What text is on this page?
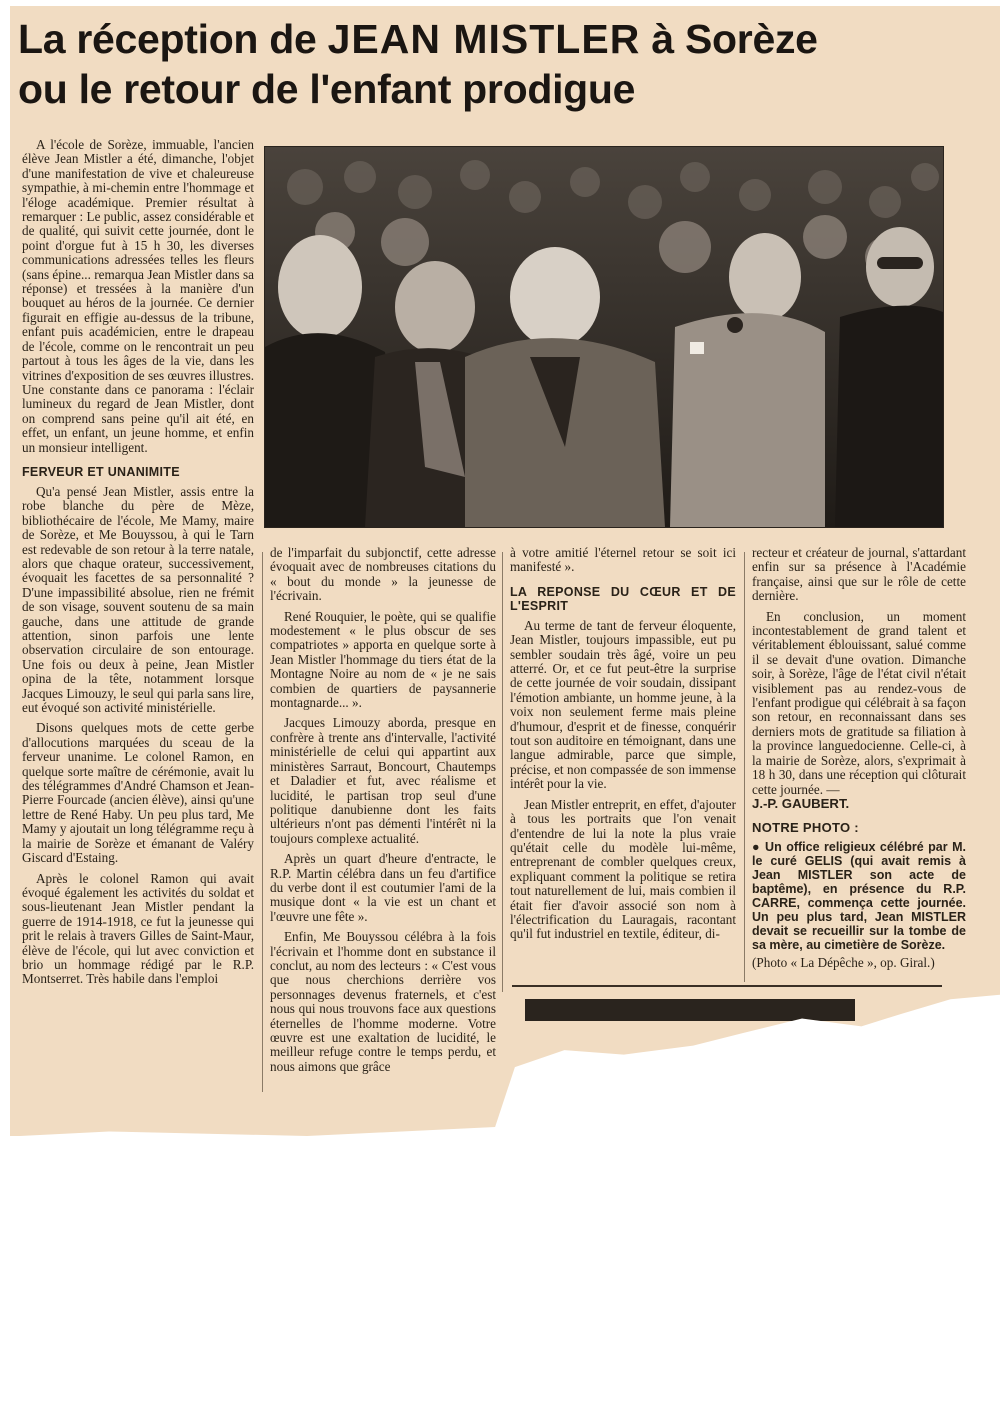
La réception de JEAN MISTLER à Sorèze
ou le retour de l'enfant prodigue

A l'école de Sorèze, immuable, l'ancien élève Jean Mistler a été, dimanche, l'objet d'une manifestation de vive et chaleureuse sympathie, à mi-chemin entre l'hommage et l'éloge académique. Premier résultat à remarquer : Le public, assez considérable et de qualité, qui suivit cette journée, dont le point d'orgue fut à 15 h 30, les diverses communications adressées telles les fleurs (sans épine... remarqua Jean Mistler dans sa réponse) et tressées à la manière d'un bouquet au héros de la journée. Ce dernier figurait en effigie au-dessus de la tribune, enfant puis académicien, entre le drapeau de l'école, comme on le rencontrait un peu partout à tous les âges de la vie, dans les vitrines d'exposition de ses œuvres illustres. Une constante dans ce panorama : l'éclair lumineux du regard de Jean Mistler, dont on comprend sans peine qu'il ait été, en effet, un enfant, un jeune homme, et enfin un monsieur intelligent.

FERVEUR ET UNANIMITE

Qu'a pensé Jean Mistler, assis entre la robe blanche du père de Mèze, bibliothécaire de l'école, Me Mamy, maire de Sorèze, et Me Bouyssou, à qui le Tarn est redevable de son retour à la terre natale, alors que chaque orateur, successivement, évoquait les facettes de sa personnalité ? D'une impassibilité absolue, rien ne frémit de son visage, souvent soutenu de sa main gauche, dans une attitude de grande attention, sinon parfois une lente observation circulaire de son entourage. Une fois ou deux à peine, Jean Mistler opina de la tête, notamment lorsque Jacques Limouzy, le seul qui parla sans lire, eut évoqué son activité ministérielle.

Disons quelques mots de cette gerbe d'allocutions marquées du sceau de la ferveur unanime. Le colonel Ramon, en quelque sorte maître de cérémonie, avait lu des télégrammes d'André Chamson et Jean-Pierre Fourcade (ancien élève), ainsi qu'une lettre de René Haby. Un peu plus tard, Me Mamy y ajoutait un long télégramme reçu à la mairie de Sorèze et émanant de Valéry Giscard d'Estaing.

Après le colonel Ramon qui avait évoqué également les activités du soldat et sous-lieutenant Jean Mistler pendant la guerre de 1914-1918, ce fut la jeunesse qui prit le relais à travers Gilles de Saint-Maur, élève de l'école, qui lut avec conviction et brio un hommage rédigé par le R.P. Montserret. Très habile dans l'emploi

de l'imparfait du subjonctif, cette adresse évoquait avec de nombreuses citations du « bout du monde » la jeunesse de l'écrivain.

René Rouquier, le poète, qui se qualifie modestement « le plus obscur de ses compatriotes » apporta en quelque sorte à Jean Mistler l'hommage du tiers état de la Montagne Noire au nom de « je ne sais combien de quartiers de paysannerie montagnarde... ».

Jacques Limouzy aborda, presque en confrère à trente ans d'intervalle, l'activité ministérielle de celui qui appartint aux ministères Sarraut, Boncourt, Chautemps et Daladier et fut, avec réalisme et lucidité, le partisan trop seul d'une politique danubienne dont les faits ultérieurs n'ont pas démenti l'intérêt ni la toujours complexe actualité.

Après un quart d'heure d'entracte, le R.P. Martin célébra dans un feu d'artifice du verbe dont il est coutumier l'ami de la musique dont « la vie est un chant et l'œuvre une fête ».

Enfin, Me Bouyssou célébra à la fois l'écrivain et l'homme dont en substance il conclut, au nom des lecteurs : « C'est vous que nous cherchions derrière vos personnages devenus fraternels, et c'est nous qui nous trouvons face aux questions éternelles de l'homme moderne. Votre œuvre est une exaltation de lucidité, le meilleur refuge contre le temps perdu, et nous aimons que grâce

à votre amitié l'éternel retour se soit ici manifesté ».

LA REPONSE DU CŒUR ET DE L'ESPRIT

Au terme de tant de ferveur éloquente, Jean Mistler, toujours impassible, eut pu sembler soudain très âgé, voire un peu atterré. Or, et ce fut peut-être la surprise de cette journée de voir soudain, dissipant l'émotion ambiante, un homme jeune, à la voix non seulement ferme mais pleine d'humour, d'esprit et de finesse, conquérir tout son auditoire en témoignant, dans une langue admirable, parce que simple, précise, et non compassée de son immense intérêt pour la vie.

Jean Mistler entreprit, en effet, d'ajouter à tous les portraits que l'on venait d'entendre de lui la note la plus vraie qu'était celle du modèle lui-même, entreprenant de combler quelques creux, expliquant comment la politique se retira tout naturellement de lui, mais combien il était fier d'avoir associé son nom à l'électrification du Lauragais, racontant qu'il fut industriel en textile, éditeur, di-

recteur et créateur de journal, s'attardant enfin sur sa présence à l'Académie française, ainsi que sur le rôle de cette dernière.

En conclusion, un moment incontestablement de grand talent et véritablement éblouissant, salué comme il se devait d'une ovation. Dimanche soir, à Sorèze, l'âge de l'état civil n'était visiblement pas au rendez-vous de l'enfant prodigue qui célébrait à sa façon son retour, en reconnaissant dans ses derniers mots de gratitude sa filiation à la province languedocienne. Celle-ci, à la mairie de Sorèze, alors, s'exprimait à 18 h 30, dans une réception qui clôturait cette journée. —

J.-P. GAUBERT.
NOTRE PHOTO :
● Un office religieux célébré par M. le curé GELIS (qui avait remis à Jean MISTLER son acte de baptême), en présence du R.P. CARRE, commença cette journée. Un peu plus tard, Jean MISTLER devait se recueillir sur la tombe de sa mère, au cimetière de Sorèze.
(Photo « La Dépêche », op. Giral.)
